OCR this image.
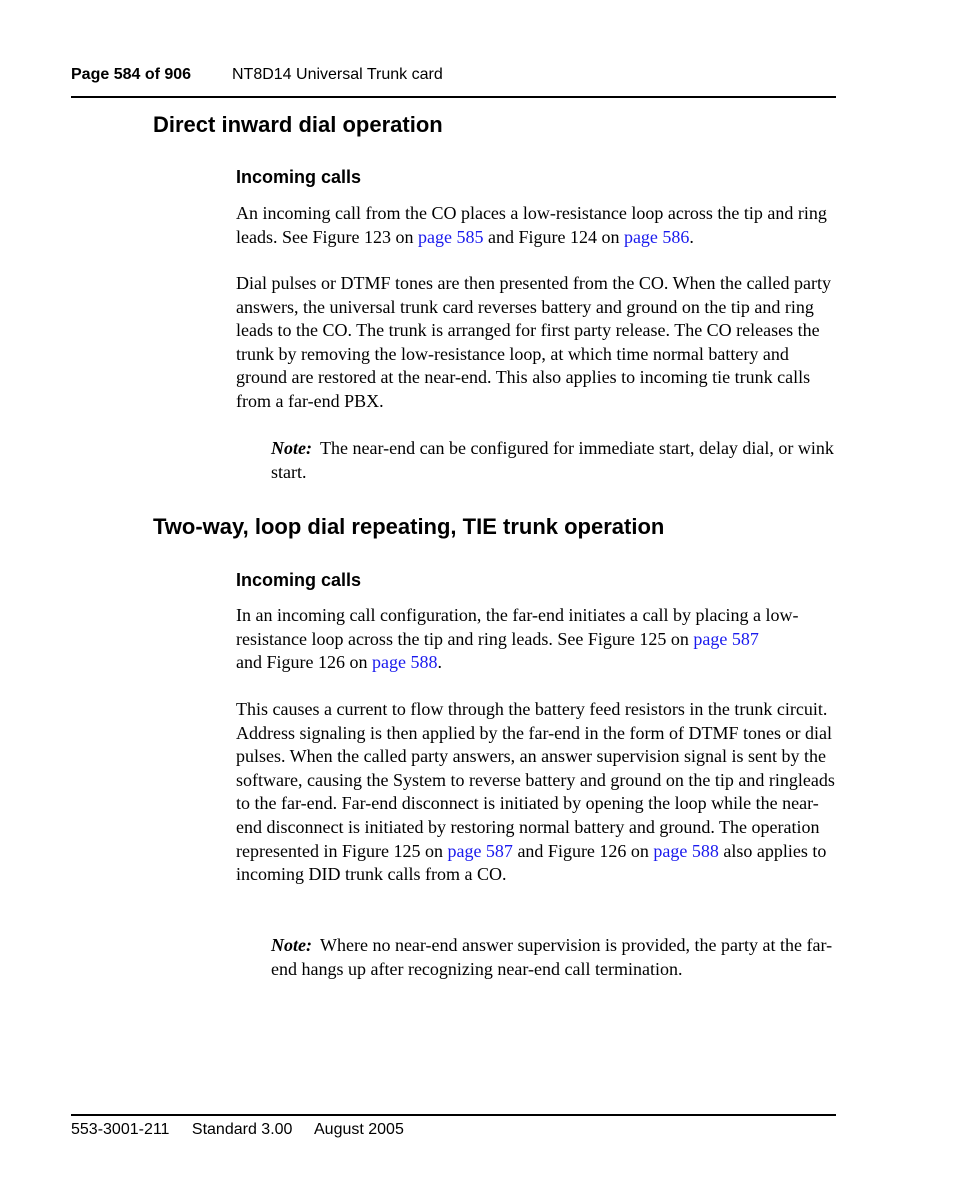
Page 584 of 906	NT8D14 Universal Trunk card
Direct inward dial operation
Incoming calls

An incoming call from the CO places a low-resistance loop across the tip and ring leads. See Figure 123 on page 585 and Figure 124 on page 586.

Dial pulses or DTMF tones are then presented from the CO. When the called party answers, the universal trunk card reverses battery and ground on the tip and ring leads to the CO. The trunk is arranged for first party release. The CO releases the trunk by removing the low-resistance loop, at which time normal battery and ground are restored at the near-end. This also applies to incoming tie trunk calls from a far-end PBX.

Note: The near-end can be configured for immediate start, delay dial, or wink start.

Two-way, loop dial repeating, TIE trunk operation
Incoming calls

In an incoming call configuration, the far-end initiates a call by placing a low-resistance loop across the tip and ring leads. See Figure 125 on page 587
and Figure 126 on page 588.

This causes a current to flow through the battery feed resistors in the trunk circuit. Address signaling is then applied by the far-end in the form of DTMF tones or dial pulses. When the called party answers, an answer supervision signal is sent by the software, causing the System to reverse battery and ground on the tip and ringleads to the far-end. Far-end disconnect is initiated by opening the loop while the near-end disconnect is initiated by restoring normal battery and ground. The operation represented in Figure 125 on page 587 and Figure 126 on page 588 also applies to incoming DID trunk calls from a CO.

Note: Where no near-end answer supervision is provided, the party at the far-end hangs up after recognizing near-end call termination.

553-3001-211 Standard 3.00 August 2005
